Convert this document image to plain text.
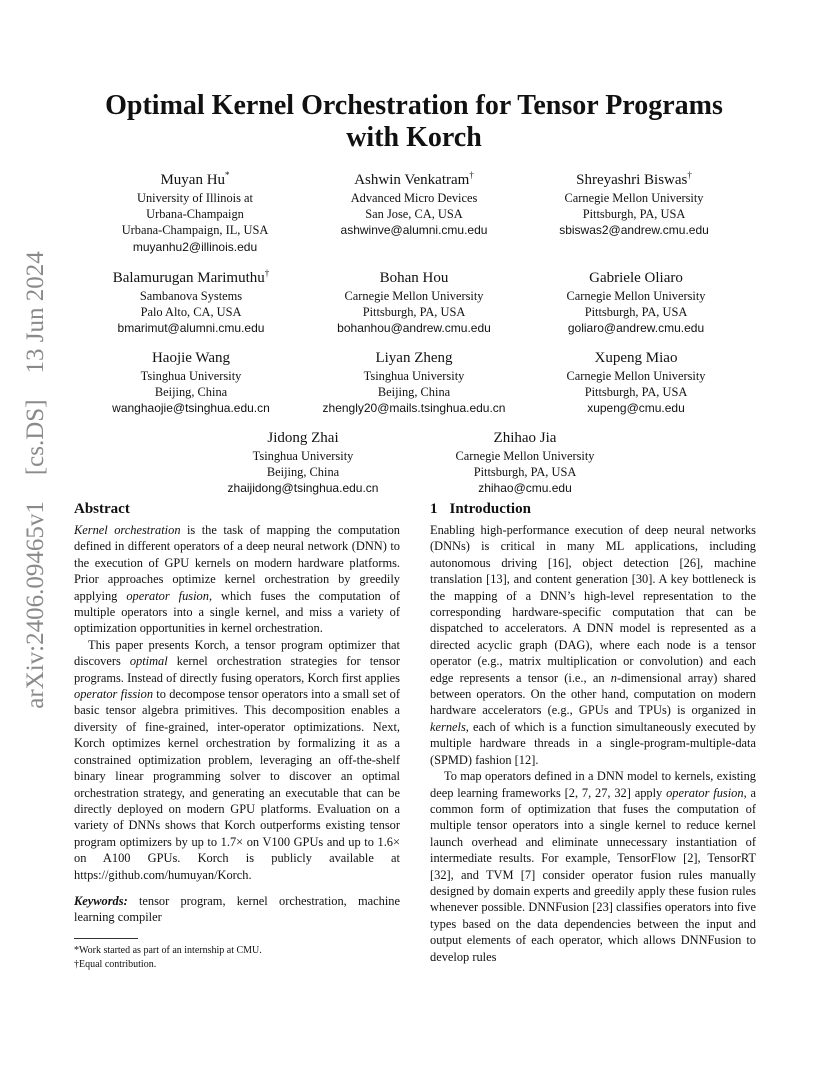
arXiv:2406.09465v1[cs.DS]13 Jun 2024
Optimal Kernel Orchestration for Tensor Programs
with Korch
Muyan Hu*
University of Illinois at
Urbana-Champaign
Urbana-Champaign, IL, USA
muyanhu2@illinois.edu
Ashwin Venkatram†
Advanced Micro Devices
San Jose, CA, USA
ashwinve@alumni.cmu.edu
Shreyashri Biswas†
Carnegie Mellon University
Pittsburgh, PA, USA
sbiswas2@andrew.cmu.edu
Balamurugan Marimuthu†
Sambanova Systems
Palo Alto, CA, USA
bmarimut@alumni.cmu.edu
Bohan Hou
Carnegie Mellon University
Pittsburgh, PA, USA
bohanhou@andrew.cmu.edu
Gabriele Oliaro
Carnegie Mellon University
Pittsburgh, PA, USA
goliaro@andrew.cmu.edu
Haojie Wang
Tsinghua University
Beijing, China
wanghaojie@tsinghua.edu.cn
Liyan Zheng
Tsinghua University
Beijing, China
zhengly20@mails.tsinghua.edu.cn
Xupeng Miao
Carnegie Mellon University
Pittsburgh, PA, USA
xupeng@cmu.edu
Jidong Zhai
Tsinghua University
Beijing, China
zhaijidong@tsinghua.edu.cn
Zhihao Jia
Carnegie Mellon University
Pittsburgh, PA, USA
zhihao@cmu.edu
Abstract

Kernel orchestration is the task of mapping the computation defined in different operators of a deep neural network (DNN) to the execution of GPU kernels on modern hardware platforms. Prior approaches optimize kernel orchestration by greedily applying operator fusion, which fuses the computation of multiple operators into a single kernel, and miss a variety of optimization opportunities in kernel orchestration.

This paper presents Korch, a tensor program optimizer that discovers optimal kernel orchestration strategies for tensor programs. Instead of directly fusing operators, Korch first applies operator fission to decompose tensor operators into a small set of basic tensor algebra primitives. This decomposition enables a diversity of fine-grained, inter-operator optimizations. Next, Korch optimizes kernel orchestration by formalizing it as a constrained optimization problem, leveraging an off-the-shelf binary linear programming solver to discover an optimal orchestration strategy, and generating an executable that can be directly deployed on modern GPU platforms. Evaluation on a variety of DNNs shows that Korch outperforms existing tensor program optimizers by up to 1.7× on V100 GPUs and up to 1.6× on A100 GPUs. Korch is publicly available at https://github.com/humuyan/Korch.

Keywords: tensor program, kernel orchestration, machine learning compiler

*Work started as part of an internship at CMU.
†Equal contribution.
1 Introduction

Enabling high-performance execution of deep neural networks (DNNs) is critical in many ML applications, including autonomous driving [16], object detection [26], machine translation [13], and content generation [30]. A key bottleneck is the mapping of a DNN’s high-level representation to the corresponding hardware-specific computation that can be dispatched to accelerators. A DNN model is represented as a directed acyclic graph (DAG), where each node is a tensor operator (e.g., matrix multiplication or convolution) and each edge represents a tensor (i.e., an n-dimensional array) shared between operators. On the other hand, computation on modern hardware accelerators (e.g., GPUs and TPUs) is organized in kernels, each of which is a function simultaneously executed by multiple hardware threads in a single-program-multiple-data (SPMD) fashion [12].

To map operators defined in a DNN model to kernels, existing deep learning frameworks [2, 7, 27, 32] apply operator fusion, a common form of optimization that fuses the computation of multiple tensor operators into a single kernel to reduce kernel launch overhead and eliminate unnecessary instantiation of intermediate results. For example, TensorFlow [2], TensorRT [32], and TVM [7] consider operator fusion rules manually designed by domain experts and greedily apply these fusion rules whenever possible. DNNFusion [23] classifies operators into five types based on the data dependencies between the input and output elements of each operator, which allows DNNFusion to develop rules
